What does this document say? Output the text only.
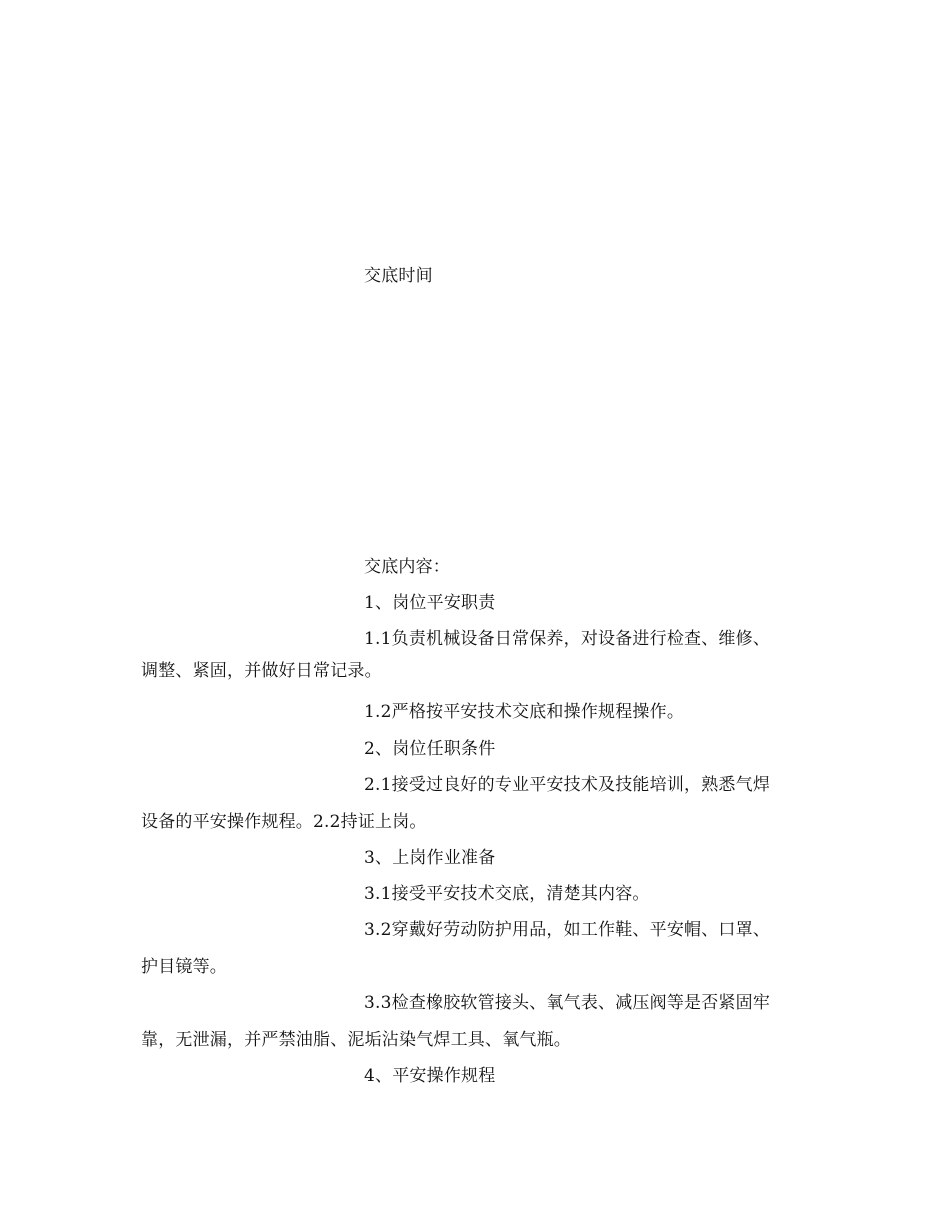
交底时间
交底内容：
1、岗位平安职责
1.1负责机械设备日常保养，对设备进行检查、维修、
调整、紧固，并做好日常记录。
1.2严格按平安技术交底和操作规程操作。
2、岗位任职条件
2.1接受过良好的专业平安技术及技能培训，熟悉气焊
设备的平安操作规程。2.2持证上岗。
3、上岗作业准备
3.1接受平安技术交底，清楚其内容。
3.2穿戴好劳动防护用品，如工作鞋、平安帽、口罩、
护目镜等。
3.3检查橡胶软管接头、氧气表、减压阀等是否紧固牢
靠，无泄漏，并严禁油脂、泥垢沾染气焊工具、氧气瓶。
4、平安操作规程
